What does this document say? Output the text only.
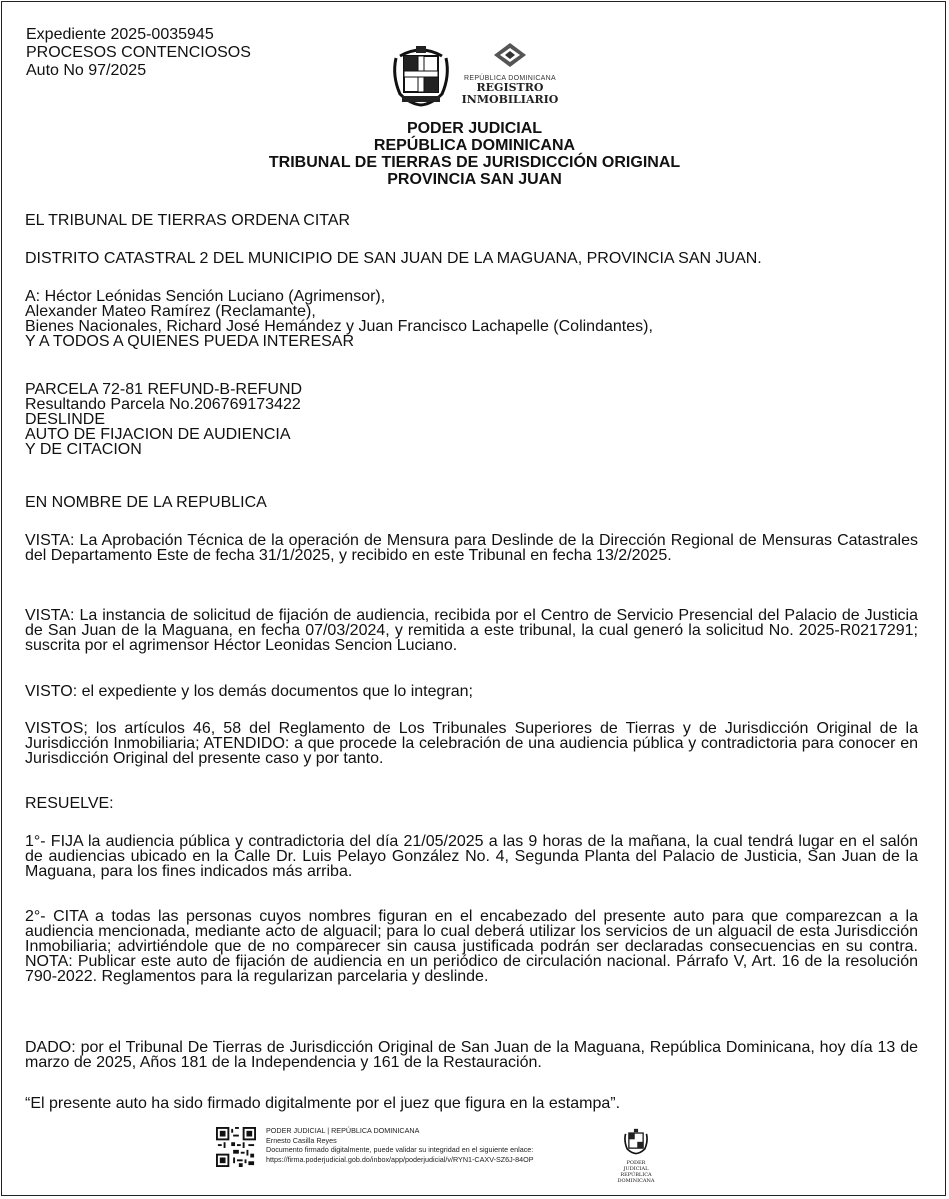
Expediente 2025-0035945
PROCESOS CONTENCIOSOS
Auto No 97/2025	REPÚBLICA DOMINICANA
REGISTRO
INMOBILIARIO
PODER JUDICIAL
REPÚBLICA DOMINICANA
TRIBUNAL DE TIERRAS DE JURISDICCIÓN ORIGINAL
PROVINCIA SAN JUAN

EL TRIBUNAL DE TIERRAS ORDENA CITAR

DISTRITO CATASTRAL 2 DEL MUNICIPIO DE SAN JUAN DE LA MAGUANA, PROVINCIA SAN JUAN.

A: Héctor Leónidas Sención Luciano (Agrimensor),

Alexander Mateo Ramírez (Reclamante),

Bienes Nacionales, Richard José Hemández y Juan Francisco Lachapelle (Colindantes),

Y A TODOS A QUIENES PUEDA INTERESAR

PARCELA 72-81 REFUND-B-REFUND

Resultando Parcela No.206769173422

DESLINDE

AUTO DE FIJACION DE AUDIENCIA

Y DE CITACION

EN NOMBRE DE LA REPUBLICA

VISTA: La Aprobación Técnica de la operación de Mensura para Deslinde de la Dirección Regional de Mensuras Catastrales del Departamento Este de fecha 31/1/2025, y recibido en este Tribunal en fecha 13/2/2025.

VISTA: La instancia de solicitud de fijación de audiencia, recibida por el Centro de Servicio Presencial del Palacio de Justicia de San Juan de la Maguana, en fecha 07/03/2024, y remitida a este tribunal, la cual generó la solicitud No. 2025-R0217291; suscrita por el agrimensor Héctor Leonidas Sencion Luciano.

VISTO: el expediente y los demás documentos que lo integran;

VISTOS; los artículos 46, 58 del Reglamento de Los Tribunales Superiores de Tierras y de Jurisdicción Original de la Jurisdicción Inmobiliaria; ATENDIDO: a que procede la celebración de una audiencia pública y contradictoria para conocer en Jurisdicción Original del presente caso y por tanto.

RESUELVE:

1°- FIJA la audiencia pública y contradictoria del día 21/05/2025 a las 9 horas de la mañana, la cual tendrá lugar en el salón de audiencias ubicado en la Calle Dr. Luis Pelayo González No. 4, Segunda Planta del Palacio de Justicia, San Juan de la Maguana, para los fines indicados más arriba.

2°- CITA a todas las personas cuyos nombres figuran en el encabezado del presente auto para que comparezcan a la audiencia mencionada, mediante acto de alguacil; para lo cual deberá utilizar los servicios de un alguacil de esta Jurisdicción Inmobiliaria; advirtiéndole que de no comparecer sin causa justificada podrán ser declaradas consecuencias en su contra. NOTA: Publicar este auto de fijación de audiencia en un periódico de circulación nacional. Párrafo V, Art. 16 de la resolución 790-2022. Reglamentos para la regularizan parcelaria y deslinde.

DADO: por el Tribunal De Tierras de Jurisdicción Original de San Juan de la Maguana, República Dominicana, hoy día 13 de marzo de 2025, Años 181 de la Independencia y 161 de la Restauración.

“El presente auto ha sido firmado digitalmente por el juez que figura en la estampa”.

PODER JUDICIAL | REPÚBLICA DOMINICANA
Ernesto Casilla Reyes
Documento firmado digitalmente, puede validar su integridad en el siguiente enlace:
https://firma.poderjudicial.gob.do/inbox/app/poderjudicial/v/RYN1-CAXV-SZ6J-84OP	PODER JUDICIAL
REPÚBLICA DOMINICANA
